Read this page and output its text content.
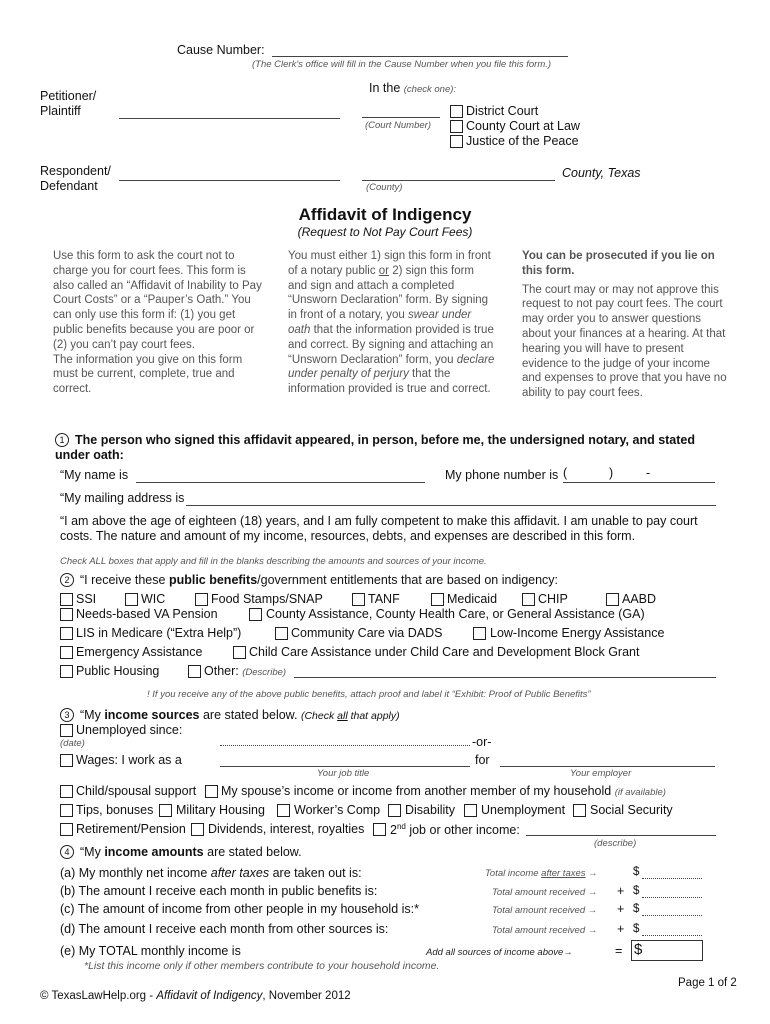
Cause Number:
(The Clerk's office will fill in the Cause Number when you file this form.)
Petitioner/
Plaintiff
In the (check one):
(Court Number)
District Court
County Court at Law
Justice of the Peace
Respondent/
Defendant
County, Texas
(County)
Affidavit of Indigency
(Request to Not Pay Court Fees)

Use this form to ask the court not to charge you for court fees. This form is also called an “Affidavit of Inability to Pay Court Costs” or a “Pauper’s Oath.” You can only use this form if: (1) you get public benefits because you are poor or (2) you can’t pay court fees.

The information you give on this form must be current, complete, true and correct.

You must either 1) sign this form in front of a notary public or 2) sign this form and sign and attach a completed “Unsworn Declaration” form. By signing in front of a notary, you swear under oath that the information provided is true and correct. By signing and attaching an “Unsworn Declaration” form, you declare under penalty of perjury that the information provided is true and correct.

You can be prosecuted if you lie on this form.

The court may or may not approve this request to not pay court fees. The court may order you to answer questions about your finances at a hearing. At that hearing you will have to present evidence to the judge of your income and expenses to prove that you have no ability to pay court fees.

1 The person who signed this affidavit appeared, in person, before me, the undersigned notary, and stated under oath:
“My name is	My phone number is (	)	-
“My mailing address is
“I am above the age of eighteen (18) years, and I am fully competent to make this affidavit. I am unable to pay court costs. The nature and amount of my income, resources, debts, and expenses are described in this form.
Check ALL boxes that apply and fill in the blanks describing the amounts and sources of your income.
2 “I receive these public benefits/government entitlements that are based on indigency:
SSI	WIC	Food Stamps/SNAP	TANF	Medicaid	CHIP	AABD
Needs-based VA Pension	County Assistance, County Health Care, or General Assistance (GA)
LIS in Medicare (“Extra Help”)	Community Care via DADS	Low-Income Energy Assistance
Emergency Assistance	Child Care Assistance under Child Care and Development Block Grant
Public Housing	Other: (Describe)
! If you receive any of the above public benefits, attach proof and label it “Exhibit: Proof of Public Benefits”
3 “My income sources are stated below. (Check all that apply)
Unemployed since:
(date)	-or-
Wages: I work as a	for
Your job title	Your employer
Child/spousal support My spouse’s income or income from another member of my household (if available)
Tips, bonuses Military Housing Worker’s Comp Disability Unemployment Social Security
Retirement/Pension Dividends, interest, royalties 2nd job or other income:
(describe)
4 “My income amounts are stated below.
(a) My monthly net income after taxes are taken out is:	Total income after taxes →	$
(b) The amount I receive each month in public benefits is:	Total amount received → + $
(c) The amount of income from other people in my household is:*	Total amount received → + $
(d) The amount I receive each month from other sources is:	Total amount received → + $
(e) My TOTAL monthly income is	Add all sources of income above→	= $
*List this income only if other members contribute to your household income.
Page 1 of 2
© TexasLawHelp.org - Affidavit of Indigency, November 2012
